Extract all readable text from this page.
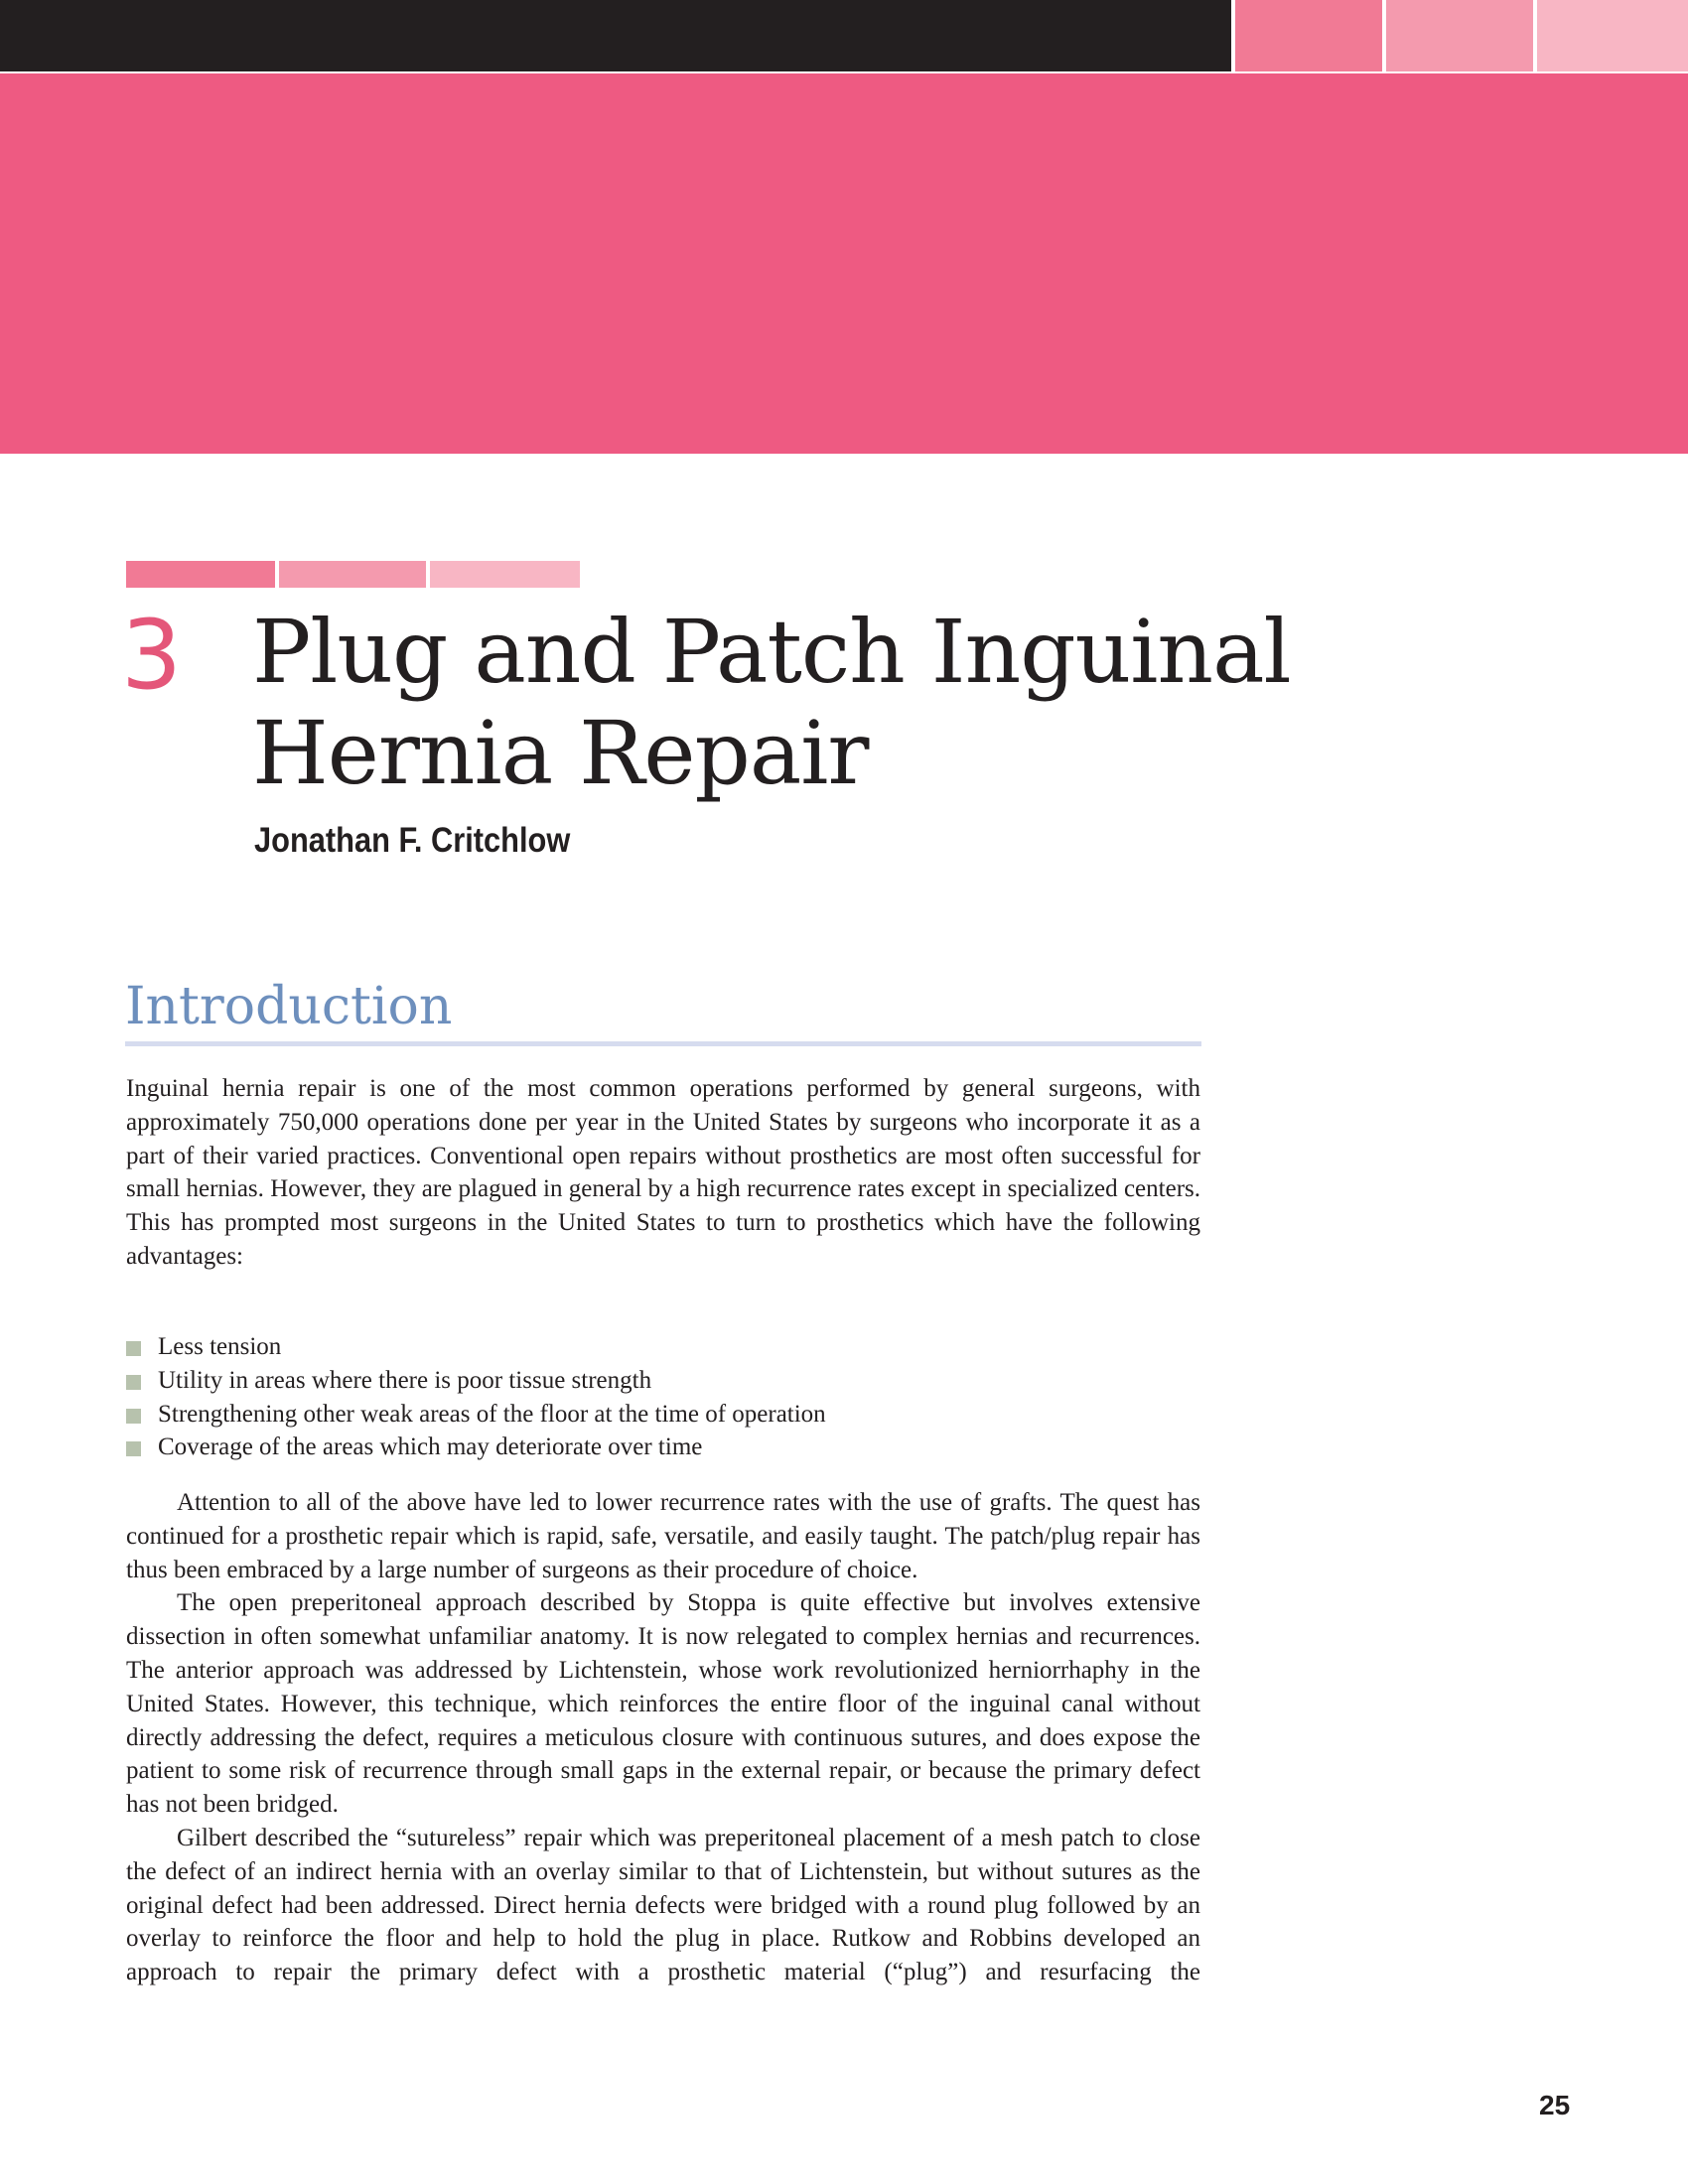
3 Plug and Patch Inguinal Hernia Repair
Jonathan F. Critchlow
Introduction

Inguinal hernia repair is one of the most common operations performed by general surgeons, with approximately 750,000 operations done per year in the United States by surgeons who incorporate it as a part of their varied practices. Conventional open repairs without prosthetics are most often successful for small hernias. However, they are plagued in general by a high recurrence rates except in specialized centers. This has prompted most surgeons in the United States to turn to prosthetics which have the following advantages:

Less tension
Utility in areas where there is poor tissue strength
Strengthening other weak areas of the floor at the time of operation
Coverage of the areas which may deteriorate over time

Attention to all of the above have led to lower recurrence rates with the use of grafts. The quest has continued for a prosthetic repair which is rapid, safe, versatile, and easily taught. The patch/plug repair has thus been embraced by a large number of surgeons as their procedure of choice.

The open preperitoneal approach described by Stoppa is quite effective but involves extensive dissection in often somewhat unfamiliar anatomy. It is now relegated to complex hernias and recurrences. The anterior approach was addressed by Lichtenstein, whose work revolutionized herniorrhaphy in the United States. However, this technique, which reinforces the entire floor of the inguinal canal without directly addressing the defect, requires a meticulous closure with continuous sutures, and does expose the patient to some risk of recurrence through small gaps in the external repair, or because the primary defect has not been bridged.

Gilbert described the “sutureless” repair which was preperitoneal placement of a mesh patch to close the defect of an indirect hernia with an overlay similar to that of Lichtenstein, but without sutures as the original defect had been addressed. Direct hernia defects were bridged with a round plug followed by an overlay to reinforce the floor and help to hold the plug in place. Rutkow and Robbins developed an approach to repair the primary defect with a prosthetic material (“plug”) and resurfacing the

25
